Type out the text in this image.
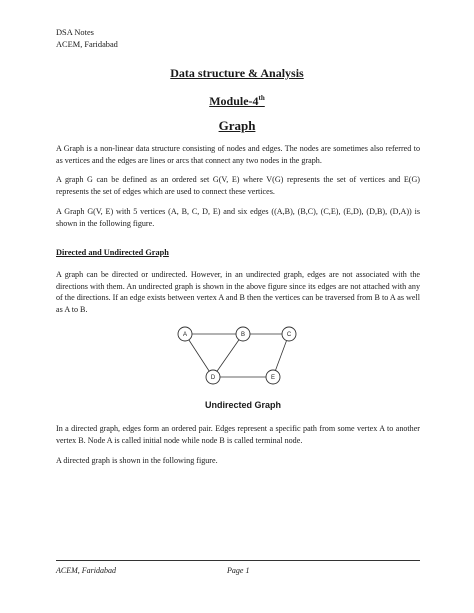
DSA Notes
ACEM, Faridabad
Data structure & Analysis
Module-4th
Graph
A Graph is a non-linear data structure consisting of nodes and edges. The nodes are sometimes also referred to as vertices and the edges are lines or arcs that connect any two nodes in the graph.
A graph G can be defined as an ordered set G(V, E) where V(G) represents the set of vertices and E(G) represents the set of edges which are used to connect these vertices.
A Graph G(V, E) with 5 vertices (A, B, C, D, E) and six edges ((A,B), (B,C), (C,E), (E,D), (D,B), (D,A)) is shown in the following figure.
Directed and Undirected Graph
A graph can be directed or undirected. However, in an undirected graph, edges are not associated with the directions with them. An undirected graph is shown in the above figure since its edges are not attached with any of the directions. If an edge exists between vertex A and B then the vertices can be traversed from B to A as well as A to B.
A	B	C
D	E
Undirected Graph
In a directed graph, edges form an ordered pair. Edges represent a specific path from some vertex A to another vertex B. Node A is called initial node while node B is called terminal node.
A directed graph is shown in the following figure.
ACEM, Faridabad	Page 1
